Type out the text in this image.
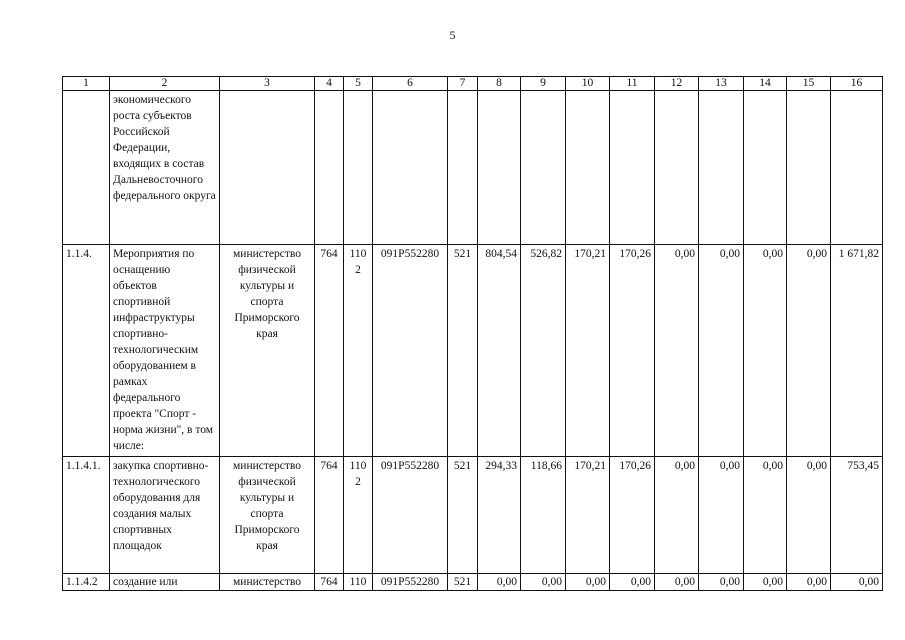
5
1	2	3	4	5	6	7	8	9	10	11	12	13	14	15	16
	экономического роста субъектов Российской Федерации, входящих в состав Дальневосточного федерального округа														
1.1.4.	Мероприятия по оснащению объектов спортивной инфраструктуры спортивно-технологическим оборудованием в рамках федерального проекта "Спорт - норма жизни", в том числе:	министерство физической культуры и спорта Приморского края	764	1102	091P552280	521	804,54	526,82	170,21	170,26	0,00	0,00	0,00	0,00	1 671,82
1.1.4.1.	закупка спортивно-технологического оборудования для создания малых спортивных площадок	министерство физической культуры и спорта Приморского края	764	1102	091P552280	521	294,33	118,66	170,21	170,26	0,00	0,00	0,00	0,00	753,45
1.1.4.2	создание или	министерство	764	110	091P552280	521	0,00	0,00	0,00	0,00	0,00	0,00	0,00	0,00	0,00
